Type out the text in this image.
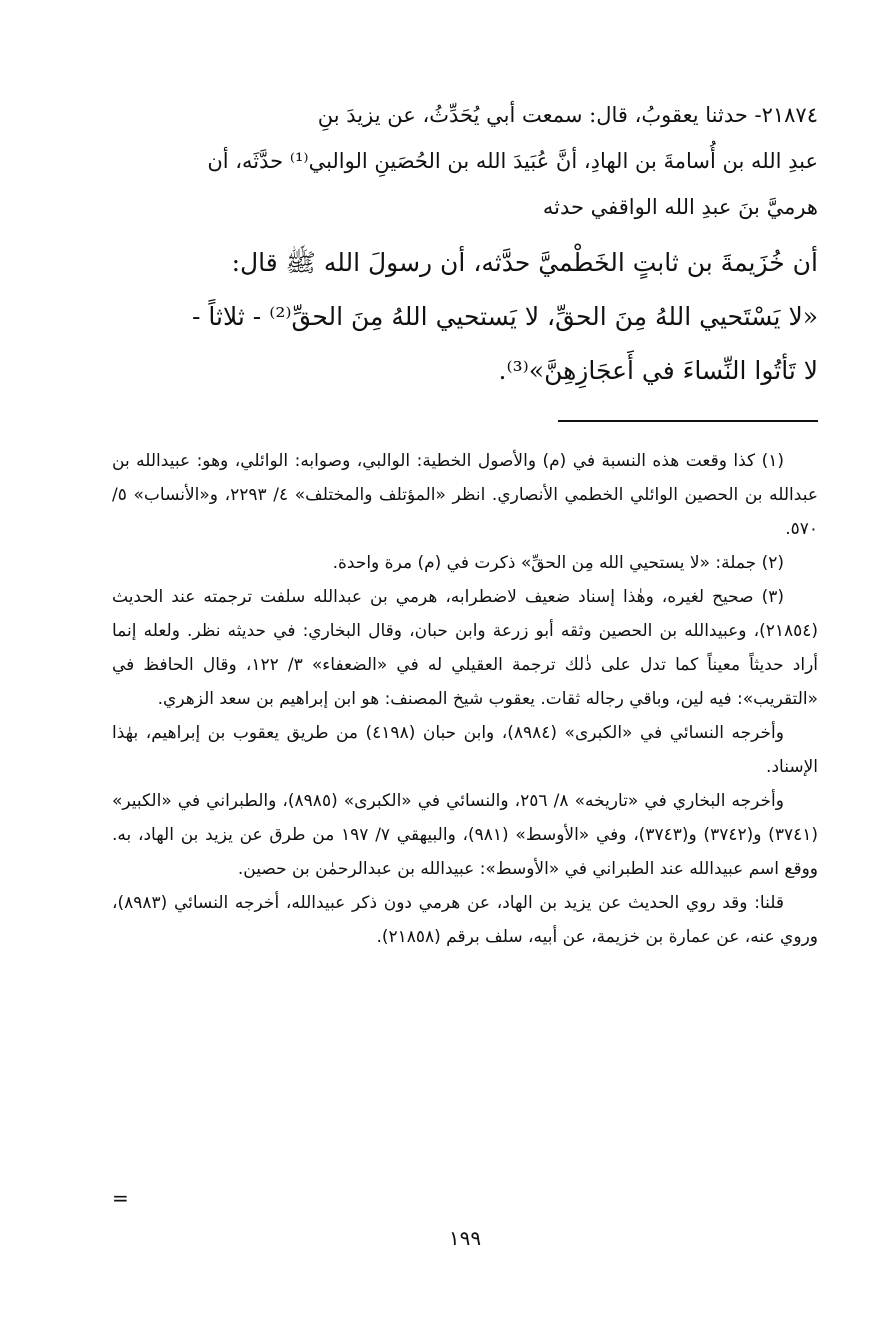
٢١٨٧٤- حدثنا يعقوبُ، قال: سمعت أبي يُحَدِّثُ، عن يزيدَ بنِ

عبدِ الله بن أُسامةَ بن الهادِ، أنَّ عُبَيدَ الله بن الحُصَينِ الوالبي⁽¹⁾ حدَّثَه، أن

هرميَّ بنَ عبدِ الله الواقفي حدثه

أن خُزَيمةَ بن ثابتٍ الخَطْميَّ حدَّثه، أن رسولَ الله ﷺ قال:

«لا يَسْتَحيي اللهُ مِنَ الحقِّ، لا يَستحيي اللهُ مِنَ الحقِّ⁽²⁾ - ثلاثاً -

لا تَأتُوا النِّساءَ في أَعجَازِهِنَّ»⁽³⁾.

(١) كذا وقعت هذه النسبة في (م) والأصول الخطية: الوالبي، وصوابه: الوائلي، وهو: عبيدالله بن عبدالله بن الحصين الوائلي الخطمي الأنصاري. انظر «المؤتلف والمختلف» ٤/ ٢٢٩٣، و«الأنساب» ٥/ ٥٧٠.

(٢) جملة: «لا يستحيي الله مِن الحقِّ» ذكرت في (م) مرة واحدة.

(٣) صحيح لغيره، وهٰذا إسناد ضعيف لاضطرابه، هرمي بن عبدالله سلفت ترجمته عند الحديث (٢١٨٥٤)، وعبيدالله بن الحصين وثقه أبو زرعة وابن حبان، وقال البخاري: في حديثه نظر. ولعله إنما أراد حديثاً معيناً كما تدل على ذٰلك ترجمة العقيلي له في «الضعفاء» ٣/ ١٢٢، وقال الحافظ في «التقريب»: فيه لين، وباقي رجاله ثقات. يعقوب شيخ المصنف: هو ابن إبراهيم بن سعد الزهري.

وأخرجه النسائي في «الكبرى» (٨٩٨٤)، وابن حبان (٤١٩٨) من طريق يعقوب بن إبراهيم، بهٰذا الإسناد.

وأخرجه البخاري في «تاريخه» ٨/ ٢٥٦، والنسائي في «الكبرى» (٨٩٨٥)، والطبراني في «الكبير» (٣٧٤١) و(٣٧٤٢) و(٣٧٤٣)، وفي «الأوسط» (٩٨١)، والبيهقي ٧/ ١٩٧ من طرق عن يزيد بن الهاد، به. ووقع اسم عبيدالله عند الطبراني في «الأوسط»: عبيدالله بن عبدالرحمٰن بن حصين.

قلنا: وقد روي الحديث عن يزيد بن الهاد، عن هرمي دون ذكر عبيدالله، أخرجه النسائي (٨٩٨٣)، وروي عنه، عن عمارة بن خزيمة، عن أبيه، سلف برقم (٢١٨٥٨).

=
١٩٩
